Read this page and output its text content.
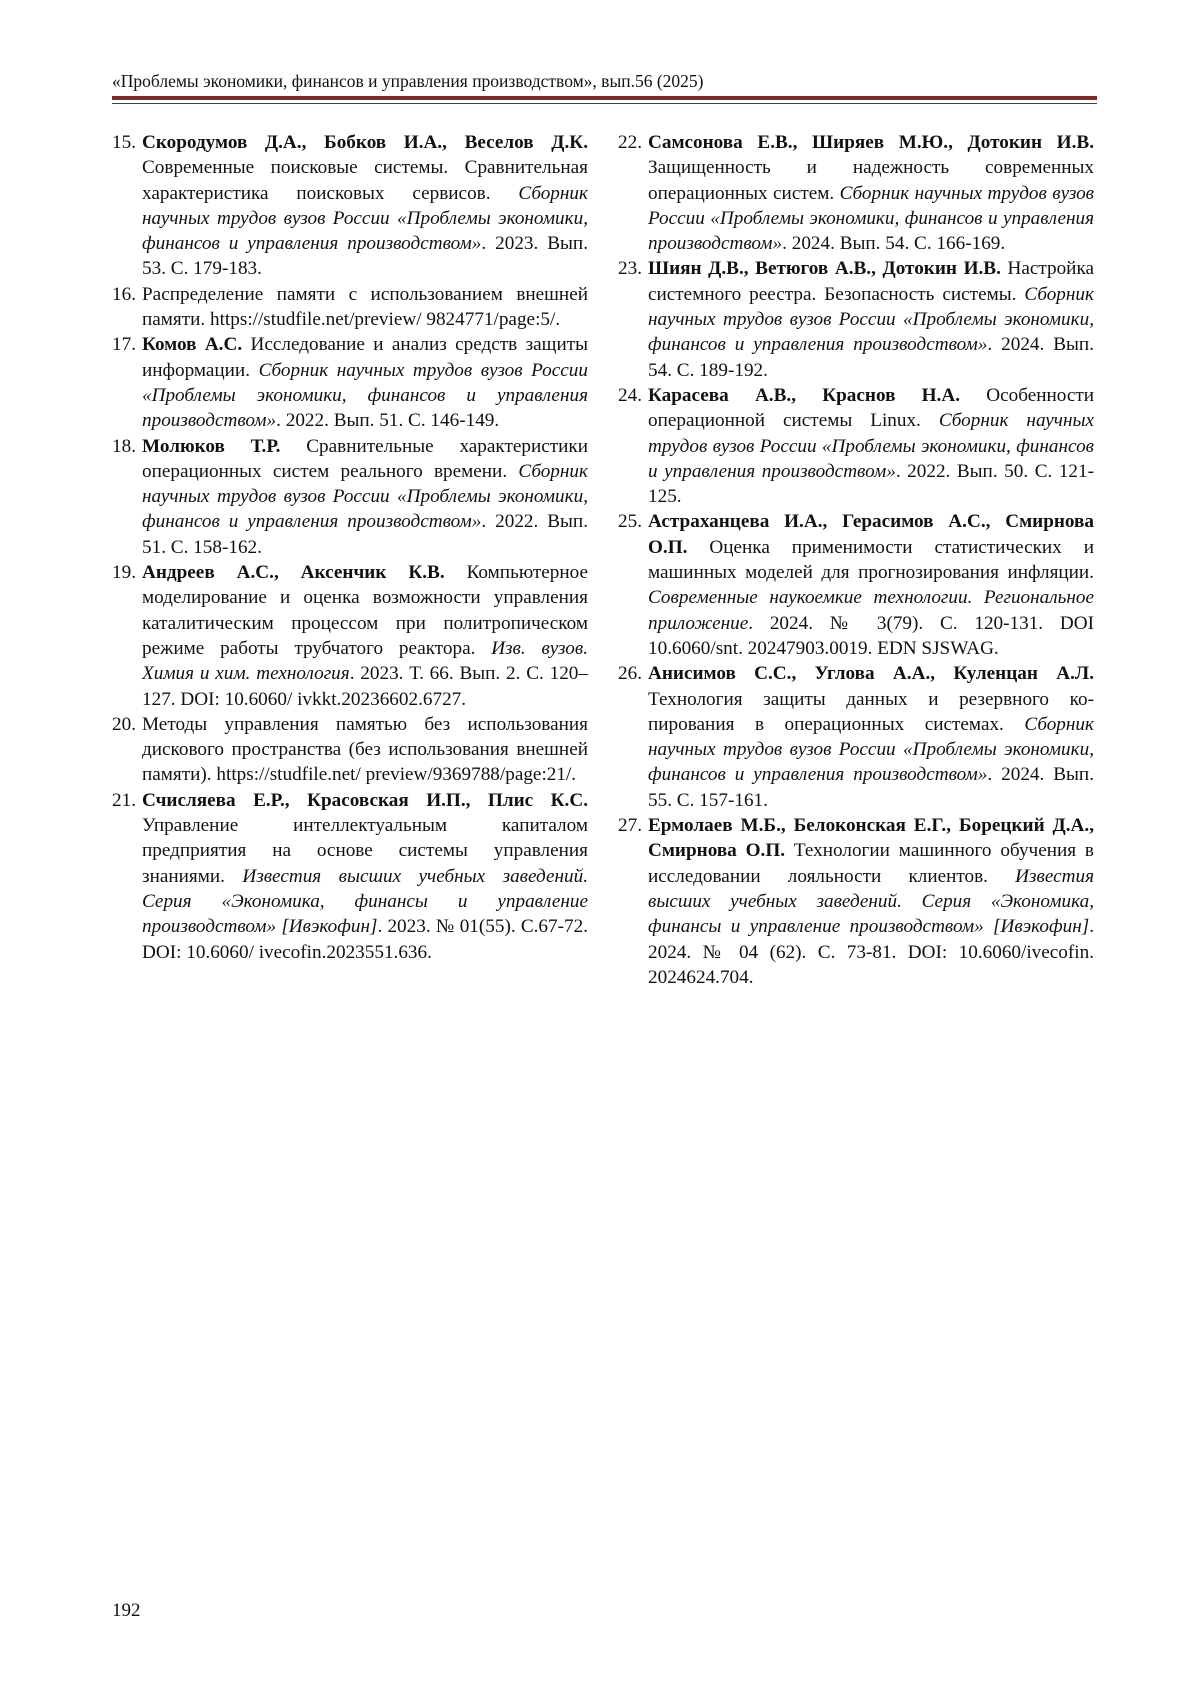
«Проблемы экономики, финансов и управления производством», вып.56 (2025)
15. Скородумов Д.А., Бобков И.А., Веселов Д.К. Современные поисковые системы. Сравнительная характеристика поисковых сервисов. Сборник научных трудов вузов России «Проблемы экономики, финансов и управления производством». 2023. Вып. 53. С. 179-183.
16. Распределение памяти с использованием внешней памяти. https://studfile.net/preview/ 9824771/page:5/.
17. Комов А.С. Исследование и анализ средств защиты информации. Сборник научных трудов вузов России «Проблемы экономики, финансов и управления производством». 2022. Вып. 51. С. 146-149.
18. Молюков Т.Р. Сравнительные характеристики операционных систем реального времени. Сборник научных трудов вузов России «Проблемы экономики, финансов и управления производством». 2022. Вып. 51. С. 158-162.
19. Андреев А.С., Аксенчик К.В. Компьютерное моделирование и оценка возможности управления каталитическим процессом при политропическом режиме работы трубчатого реактора. Изв. вузов. Химия и хим. технология. 2023. Т. 66. Вып. 2. С. 120–127. DOI: 10.6060/ ivkkt.20236602.6727.
20. Методы управления памятью без использования дискового пространства (без использования внешней памяти). https://studfile.net/ preview/9369788/page:21/.
21. Счисляева Е.Р., Красовская И.П., Плис К.С. Управление интеллектуальным капиталом предприятия на основе системы управления знаниями. Известия высших учебных заведений. Серия «Экономика, финансы и управление производством» [Ивэкофин]. 2023. № 01(55). С.67-72. DOI: 10.6060/ ivecofin.2023551.636.
22. Самсонова Е.В., Ширяев М.Ю., Дотокин И.В. Защищенность и надежность современных операционных систем. Сборник научных трудов вузов России «Проблемы экономики, финансов и управления производством». 2024. Вып. 54. С. 166-169.
23. Шиян Д.В., Ветюгов А.В., Дотокин И.В. Настройка системного реестра. Безопасность системы. Сборник научных трудов вузов России «Проблемы экономики, финансов и управления производством». 2024. Вып. 54. С. 189-192.
24. Карасева А.В., Краснов Н.А. Особенности операционной системы Linux. Сборник научных трудов вузов России «Проблемы экономики, финансов и управления производством». 2022. Вып. 50. С. 121-125.
25. Астраханцева И.А., Герасимов А.С., Смирнова О.П. Оценка применимости статистических и машинных моделей для прогнозирования инфляции. Современные наукоемкие технологии. Региональное приложение. 2024. № 3(79). С. 120-131. DOI 10.6060/snt. 20247903.0019. EDN SJSWAG.
26. Анисимов С.С., Углова А.А., Куленцан А.Л. Технология защиты данных и резервного копирования в операционных системах. Сборник научных трудов вузов России «Проблемы экономики, финансов и управления производством». 2024. Вып. 55. С. 157-161.
27. Ермолаев М.Б., Белоконская Е.Г., Борецкий Д.А., Смирнова О.П. Технологии машинного обучения в исследовании лояльности клиентов. Известия высших учебных заведений. Серия «Экономика, финансы и управление производством» [Ивэкофин]. 2024. № 04 (62). С. 73-81. DOI: 10.6060/ivecofin. 2024624.704.
192
